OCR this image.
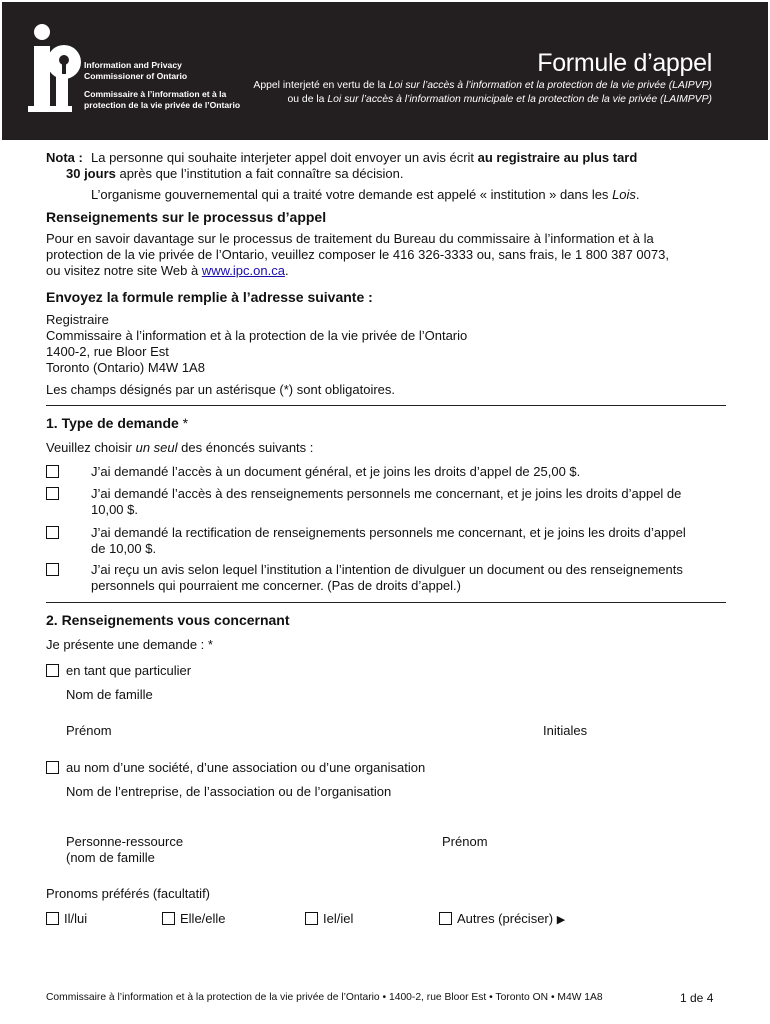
Information and Privacy
Commissioner of Ontario
Commissaire à l’information et à la
protection de la vie privée de l’Ontario
Formule d’appel
Appel interjeté en vertu de la Loi sur l’accès à l’information et la protection de la vie privée (LAIPVP)
ou de la Loi sur l’accès à l’information municipale et la protection de la vie privée (LAIMPVP)
Nota : La personne qui souhaite interjeter appel doit envoyer un avis écrit au registraire au plus tard
30 jours après que l’institution a fait connaître sa décision.
L’organisme gouvernemental qui a traité votre demande est appelé « institution » dans les Lois.
Renseignements sur le processus d’appel
Pour en savoir davantage sur le processus de traitement du Bureau du commissaire à l’information et à la
protection de la vie privée de l’Ontario, veuillez composer le 416 326-3333 ou, sans frais, le 1 800 387 0073,
ou visitez notre site Web à www.ipc.on.ca.
Envoyez la formule remplie à l’adresse suivante :
Registraire
Commissaire à l’information et à la protection de la vie privée de l’Ontario
1400-2, rue Bloor Est
Toronto (Ontario) M4W 1A8
Les champs désignés par un astérisque (*) sont obligatoires.
1. Type de demande *
Veuillez choisir un seul des énoncés suivants :
J’ai demandé l’accès à un document général, et je joins les droits d’appel de 25,00 $.
J’ai demandé l’accès à des renseignements personnels me concernant, et je joins les droits d’appel de
10,00 $.
J’ai demandé la rectification de renseignements personnels me concernant, et je joins les droits d’appel
de 10,00 $.
J’ai reçu un avis selon lequel l’institution a l’intention de divulguer un document ou des renseignements
personnels qui pourraient me concerner. (Pas de droits d’appel.)
2. Renseignements vous concernant
Je présente une demande : *
en tant que particulier
Nom de famille
Prénom	Initiales
au nom d’une société, d’une association ou d’une organisation
Nom de l’entreprise, de l’association ou de l’organisation
Personne-ressource
(nom de famille
Prénom
Pronoms préférés (facultatif)
Il/lui	Elle/elle	Iel/iel	Autres (préciser) ▶
Commissaire à l’information et à la protection de la vie privée de l’Ontario • 1400-2, rue Bloor Est • Toronto ON • M4W 1A8	1 de 4
